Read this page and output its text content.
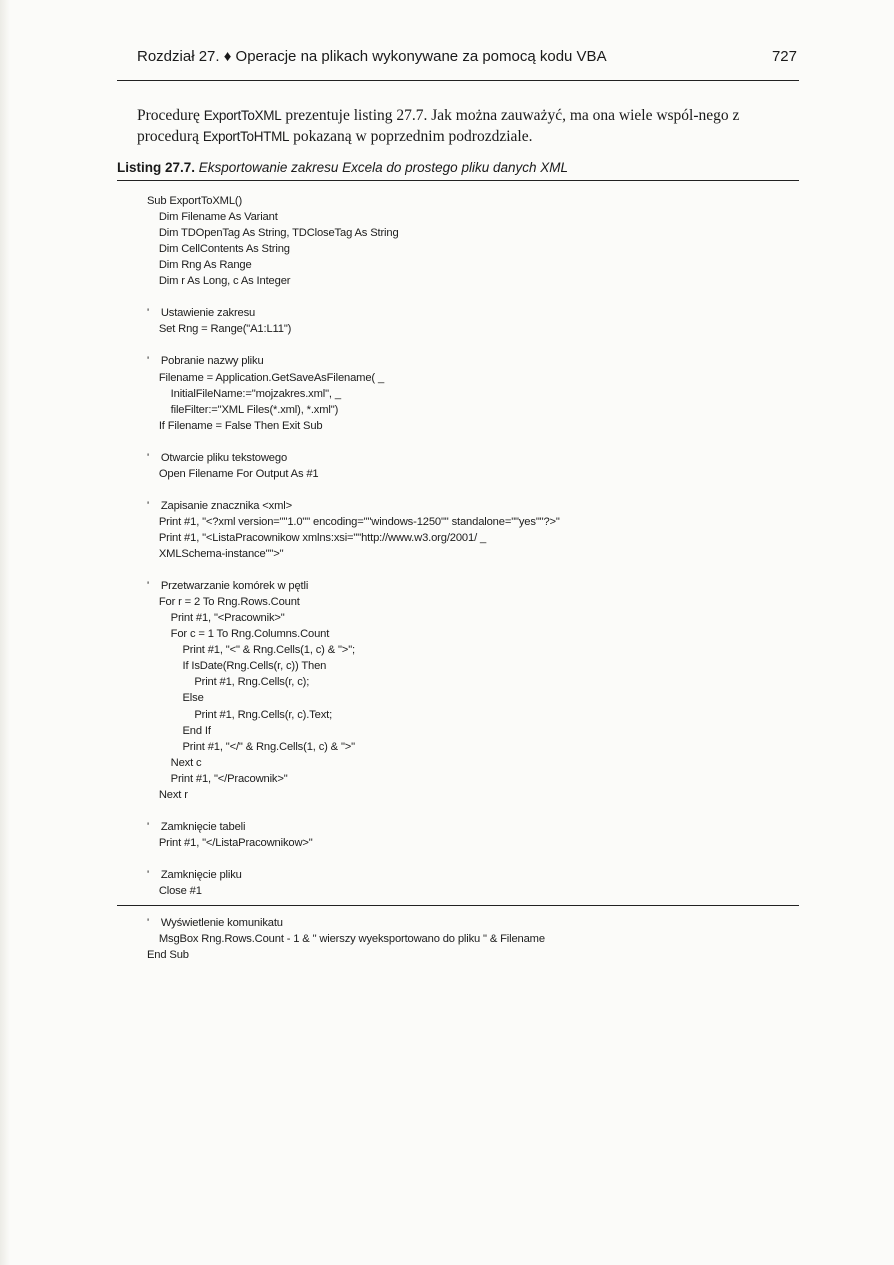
Rozdział 27. ♦ Operacje na plikach wykonywane za pomocą kodu VBA	727
Procedurę ExportToXML prezentuje listing 27.7. Jak można zauważyć, ma ona wiele wspól-nego z procedurą ExportToHTML pokazaną w poprzednim podrozdziale.
Listing 27.7. Eksportowanie zakresu Excela do prostego pliku danych XML
Sub ExportToXML()
Dim Filename As Variant
Dim TDOpenTag As String, TDCloseTag As String
Dim CellContents As String
Dim Rng As Range
Dim r As Long, c As Integer
'    Ustawienie zakresu
Set Rng = Range("A1:L11")
'    Pobranie nazwy pliku
Filename = Application.GetSaveAsFilename( _
InitialFileName:="mojzakres.xml", _
fileFilter:="XML Files(*.xml), *.xml")
If Filename = False Then Exit Sub
'    Otwarcie pliku tekstowego
Open Filename For Output As #1
'    Zapisanie znacznika <xml>
Print #1, "<?xml version=""1.0"" encoding=""windows-1250"" standalone=""yes""?>"
Print #1, "<ListaPracownikow xmlns:xsi=""http://www.w3.org/2001/ _
XMLSchema-instance"">"
'    Przetwarzanie komórek w pętli
For r = 2 To Rng.Rows.Count
Print #1, "<Pracownik>"
For c = 1 To Rng.Columns.Count
Print #1, "<" & Rng.Cells(1, c) & ">";
If IsDate(Rng.Cells(r, c)) Then
Print #1, Rng.Cells(r, c);
Else
Print #1, Rng.Cells(r, c).Text;
End If
Print #1, "</" & Rng.Cells(1, c) & ">"
Next c
Print #1, "</Pracownik>"
Next r
'    Zamknięcie tabeli
Print #1, "</ListaPracownikow>"
'    Zamknięcie pliku
Close #1
'    Wyświetlenie komunikatu
MsgBox Rng.Rows.Count - 1 & " wierszy wyeksportowano do pliku " & Filename
End Sub
